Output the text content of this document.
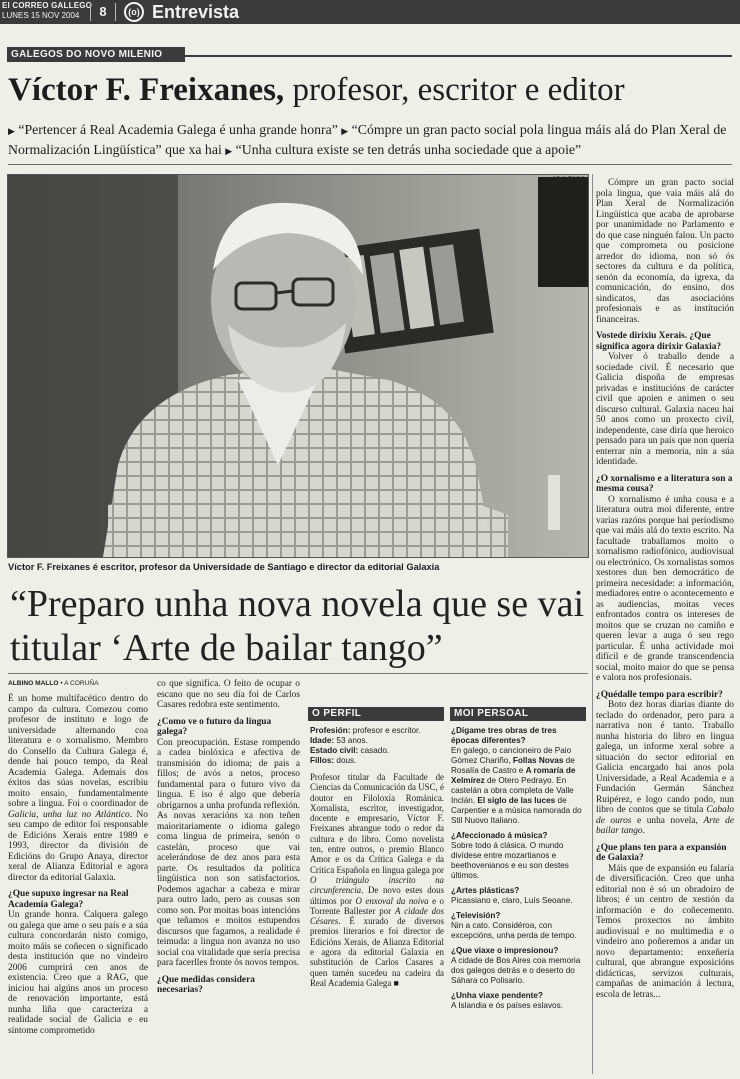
El CORREO GALLEGO
LUNES 15 NOV 2004	8	(o) Entrevista
GALEGOS DO NOVO MILENIO
Víctor F. Freixanes, profesor, escritor e editor
▶ “Pertencer á Real Academia Galega é unha grande honra” ▶ “Cómpre un gran pacto social pola lingua máis alá do Plan Xeral de Normalización Lingüística” que xa hai ▶ “Unha cultura existe se ten detrás unha sociedade que a apoie”
CRIS TORO
Víctor F. Freixanes é escritor, profesor da Universidade de Santiago e director da editorial Galaxia
“Preparo unha nova novela que se vai titular ‘Arte de bailar tango”
ALBINO MALLO • A CORUÑA

É un home multifacético dentro do campo da cultura. Comezou como profesor de instituto e logo de universidade alternando coa literatura e o xornalismo. Membro do Consello da Cultura Galega é, dende hai pouco tempo, da Real Academia Galega. Ademais dos éxitos das súas novelas, escribiu moito ensaio, fundamentalmente sobre a lingua. Foi o coordinador de Galicia, unha luz no Atlántico. No seu campo de editor foi responsable de Edicións Xerais entre 1989 e 1993, director da división de Edicións do Grupo Anaya, director xeral de Alianza Editorial e agora director da editorial Galaxia.

¿Que supuxo ingresar na Real Academia Galega?

Un grande honra. Calquera galego ou galega que ame o seu país e a súa cultura concordarán nisto comigo, moito máis se coñecen o significado desta institución que no vindeiro 2006 cumprirá cen anos de existencia. Creo que a RAG, que iniciou hai algúns anos un proceso de renovación importante, está nunha liña que caracteriza a realidade social de Galicia e eu síntome comprometido

co que significa. O feito de ocupar o escano que no seu día foi de Carlos Casares redobra este sentimento.

¿Como ve o futuro da lingua galega?

Con preocupación. Estase rompendo a cadea biolóxica e afectiva de transmisión do idioma; de pais a fillos; de avós a netos, proceso fundamental para o futuro vivo da lingua. E iso é algo que debería obrigarnos a unha profunda reflexión. As novas xeracións xa non teñen maioritariamente o idioma galego coma lingua de primeira, senón o castelán, proceso que vai acelerándose de dez anos para esta parte. Os resultados da política lingüística non son satisfactorios. Podemos agachar a cabeza e mirar para outro lado, pero as cousas son como son. Por moitas boas intencións que teñamos e moitos estupendos discursos que fagamos, a realidade é teimuda: a lingua non avanza no uso social coa vitalidade que sería precisa para facerlles fronte ós novos tempos.

¿Que medidas considera necesarias?

Cómpre un gran pacto social pola lingua, que vaia máis alá do Plan Xeral de Normalización Lingüística que acaba de aprobarse por unanimidade no Parlamento e do que case ninguén falou. Un pacto que comprometa ou posicione arredor do idioma, non só ós sectores da cultura e da política, senón da economía, da igrexa, da comunicación, do ensino, dos sindicatos, das asociacións profesionais e as institución financeiras.

Vostede dirixiu Xerais. ¿Que significa agora dirixir Galaxia?

Volver ó traballo dende a sociedade civil. É necesario que Galicia dispoña de empresas privadas e institucións de carácter civil que apoien e animen o seu discurso cultural. Galaxia naceu hai 50 anos como un proxecto civil, independente, case diría que heroico pensado para un país que non quería enterrar nin a memoria, nin a súa identidade.

¿O xornalismo e a literatura son a mesma cousa?

O xornalismo é unha cousa e a literatura outra moi diferente, entre varias razóns porque hai periodismo que vai máis alá do texto escrito. Na facultade traballamos moito o xornalismo radiofónico, audiovisual ou electrónico. Os xornalistas somos xestores dun ben democrático de primeira necesidade: a información, mediadores entre o acontecemento e as audiencias, moitas veces enfrontados contra os intereses de moitos que se cruzan no camiño e queren levar a auga ó seu rego particular. É unha actividade moi difícil e de grande transcendencia social, moito maior do que se pensa e valora nos profesionais.

¿Quédalle tempo para escribir?

Boto dez horas diarias diante do teclado do ordenador, pero para a narrativa non é tanto. Traballo nunha historia do libro en lingua galega, un informe xeral sobre a situación do sector editorial en Galicia encargado hai anos pola Universidade, a Real Academia e a Fundación Germán Sánchez Ruipérez, e logo cando podo, nun libro de contos que se titula Cabalo de ouros e unha novela, Arte de bailar tango.

¿Que plans ten para a expansión de Galaxia?

Máis que de expansión eu falaría de diversificación. Creo que unha editorial non é só un obradoiro de libros; é un centro de xestión da información e do coñecemento. Temos proxectos no ámbito audiovisual e no multimedia e o vindeiro ano poñeremos a andar un novo departamento: enxeñería cultural, que abrangue exposicións didácticas, servizos culturais, campañas de animación á lectura, escola de letras...

O PERFIL
Profesión: profesor e escritor.
Idade: 53 anos.
Estado civil: casado.
Fillos: dous.

Profesor titular da Facultade de Ciencias da Comunicación da USC, é doutor en Filoloxía Románica. Xornalista, escritor, investigador, docente e empresario, Víctor F. Freixanes abrangue todo o redor da cultura e do libro. Como novelista ten, entre outros, o premio Blanco Amor e os da Crítica Galega e da Crítica Española en lingua galega por O triángulo inscrito na circunferencia. De novo estes dous últimos por O enxoval da noiva e o Torrente Ballester por A cidade dos Césares. É xurado de diversos premios literarios e foi director de Edicións Xerais, de Alianza Editorial e agora da editorial Galaxia en substitución de Carlos Casares a quen tamén sucedeu na cadeira da Real Academia Galega ■

MOI PERSOAL
¿Dígame tres obras de tres épocas diferentes?
En galego, o cancioneiro de Paio Gómez Chariño, Follas Novas de Rosalía de Castro e A romaría de Xelmírez de Otero Pedrayo. En castelán a obra completa de Valle Inclán, El siglo de las luces de Carpentier e a música namorada do Stil Nuovo Italiano.
¿Afeccionado á música?
Sobre todo á clásica. O mundo divídese entre mozartianos e beethovenianos e eu son destes últimos.
¿Artes plásticas?
Picassiano e, claro, Luís Seoane.
¿Televisión?
Nin a cato. Considéroa, con excepcións, unha perda de tempo.
¿Que viaxe o impresionou?
A cidade de Bos Aires coa memoria dos galegos detrás e o deserto do Sáhara co Polisario.
¿Unha viaxe pendente?
A Islandia e ós países eslavos.
